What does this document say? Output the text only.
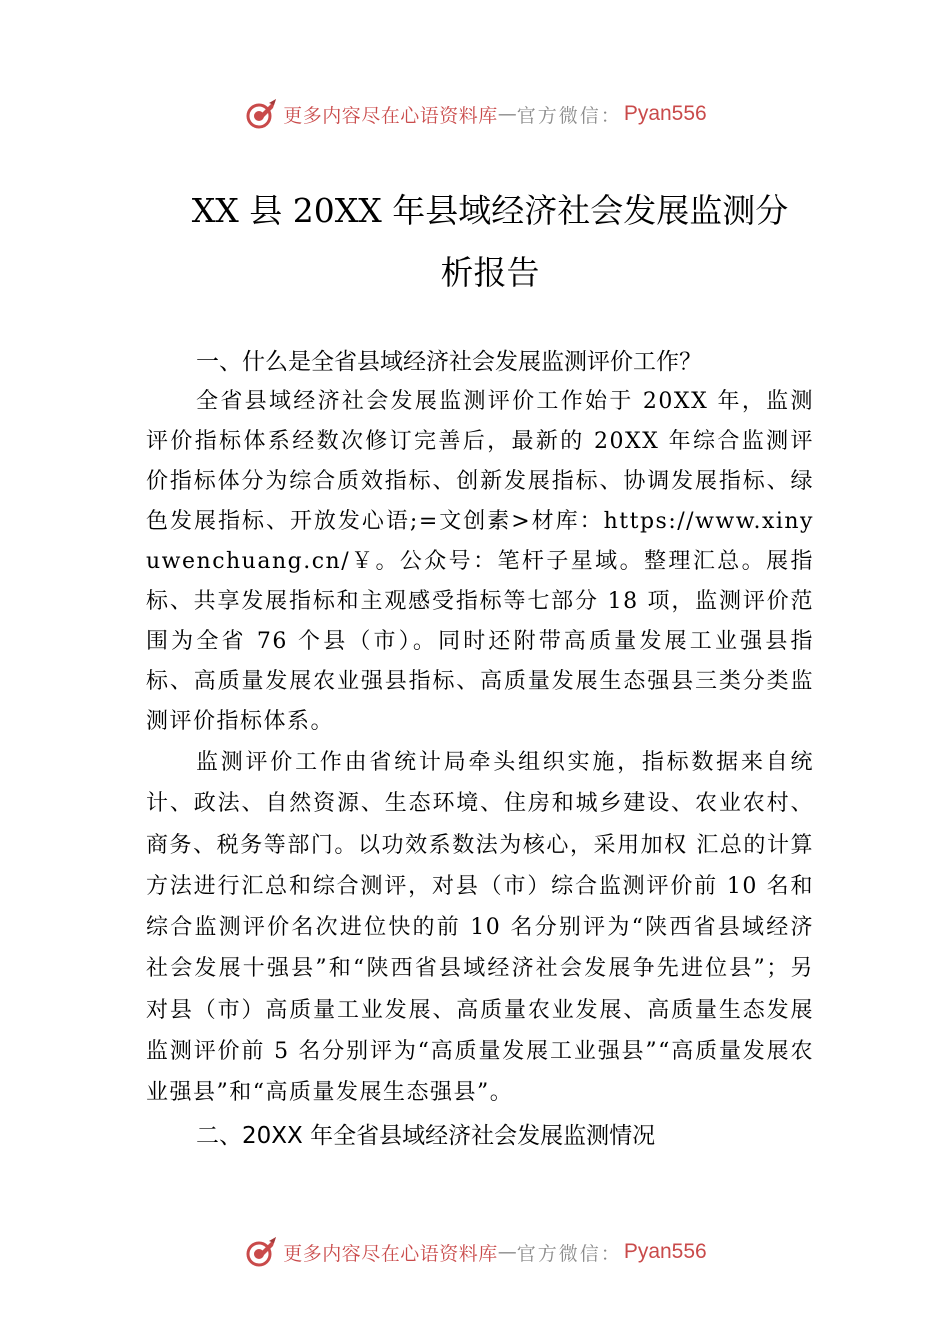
更多内容尽在心语资料库 — 官方微信： Pyan556
XX 县 20XX 年县域经济社会发展监测分
析报告
一、什么是全省县域经济社会发展监测评价工作？

全省县域经济社会发展监测评价工作始于 20XX 年，监测评价指标体系经数次修订完善后，最新的 20XX 年综合监测评价指标体分为综合质效指标、创新发展指标、协调发展指标、绿色发展指标、开放发心语;=文创素>材库：https://www.xinyuwenchuang.cn/￥。公众号：笔杆子星域。整理汇总。展指标、共享发展指标和主观感受指标等七部分 18 项，监测评价范围为全省 76 个县（市）。同时还附带高质量发展工业强县指标、高质量发展农业强县指标、高质量发展生态强县三类分类监测评价指标体系。

监测评价工作由省统计局牵头组织实施，指标数据来自统计、政法、自然资源、生态环境、住房和城乡建设、农业农村、商务、税务等部门。以功效系数法为核心，采用加权 汇总的计算方法进行汇总和综合测评，对县（市）综合监测评价前 10 名和综合监测评价名次进位快的前 10 名分别评为“陕西省县域经济社会发展十强县”和“陕西省县域经济社会发展争先进位县”；另对县（市）高质量工业发展、高质量农业发展、高质量生态发展监测评价前 5 名分别评为“高质量发展工业强县”“高质量发展农业强县”和“高质量发展生态强县”。

二、20XX 年全省县域经济社会发展监测情况
更多内容尽在心语资料库 — 官方微信： Pyan556
